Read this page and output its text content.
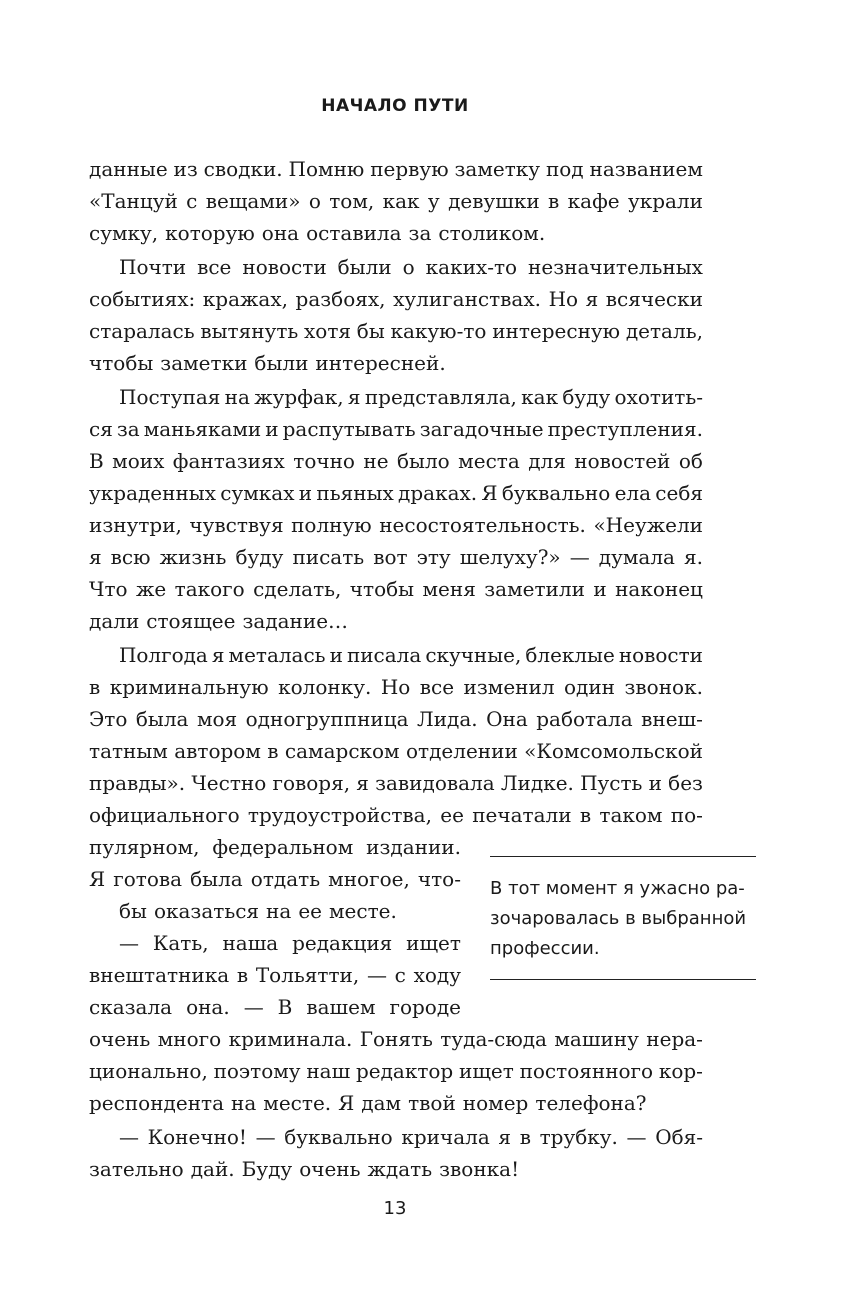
НАЧАЛО ПУТИ
данные из сводки. Помню первую заметку под названием
«Танцуй с вещами» о том, как у девушки в кафе украли
сумку, которую она оставила за столиком.
Почти все новости были о каких-то незначительных
событиях: кражах, разбоях, хулиганствах. Но я всячески
старалась вытянуть хотя бы какую-то интересную деталь,
чтобы заметки были интересней.
Поступая на журфак, я представляла, как буду охотить-
ся за маньяками и распутывать загадочные преступления.
В моих фантазиях точно не было места для новостей об
украденных сумках и пьяных драках. Я буквально ела себя
изнутри, чувствуя полную несостоятельность. «Неужели
я всю жизнь буду писать вот эту шелуху?» — думала я.
Что же такого сделать, чтобы меня заметили и наконец
дали стоящее задание…
Полгода я металась и писала скучные, блеклые новости
в криминальную колонку. Но все изменил один звонок.
Это была моя одногруппница Лида. Она работала внеш-
татным автором в самарском отделении «Комсомольской
правды». Честно говоря, я завидовала Лидке. Пусть и без
официального трудоустройства, ее печатали в таком по-
пулярном, федеральном издании.
Я готова была отдать многое, что-
бы оказаться на ее месте.
— Кать, наша редакция ищет
внештатника в Тольятти, — с ходу
сказала она. — В вашем городе
очень много криминала. Гонять туда-сюда машину нера-
ционально, поэтому наш редактор ищет постоянного кор-
респондента на месте. Я дам твой номер телефона?
— Конечно! — буквально кричала я в трубку. — Обя-
зательно дай. Буду очень ждать звонка!
В тот момент я ужасно ра-
зочаровалась в выбранной
профессии.
13
